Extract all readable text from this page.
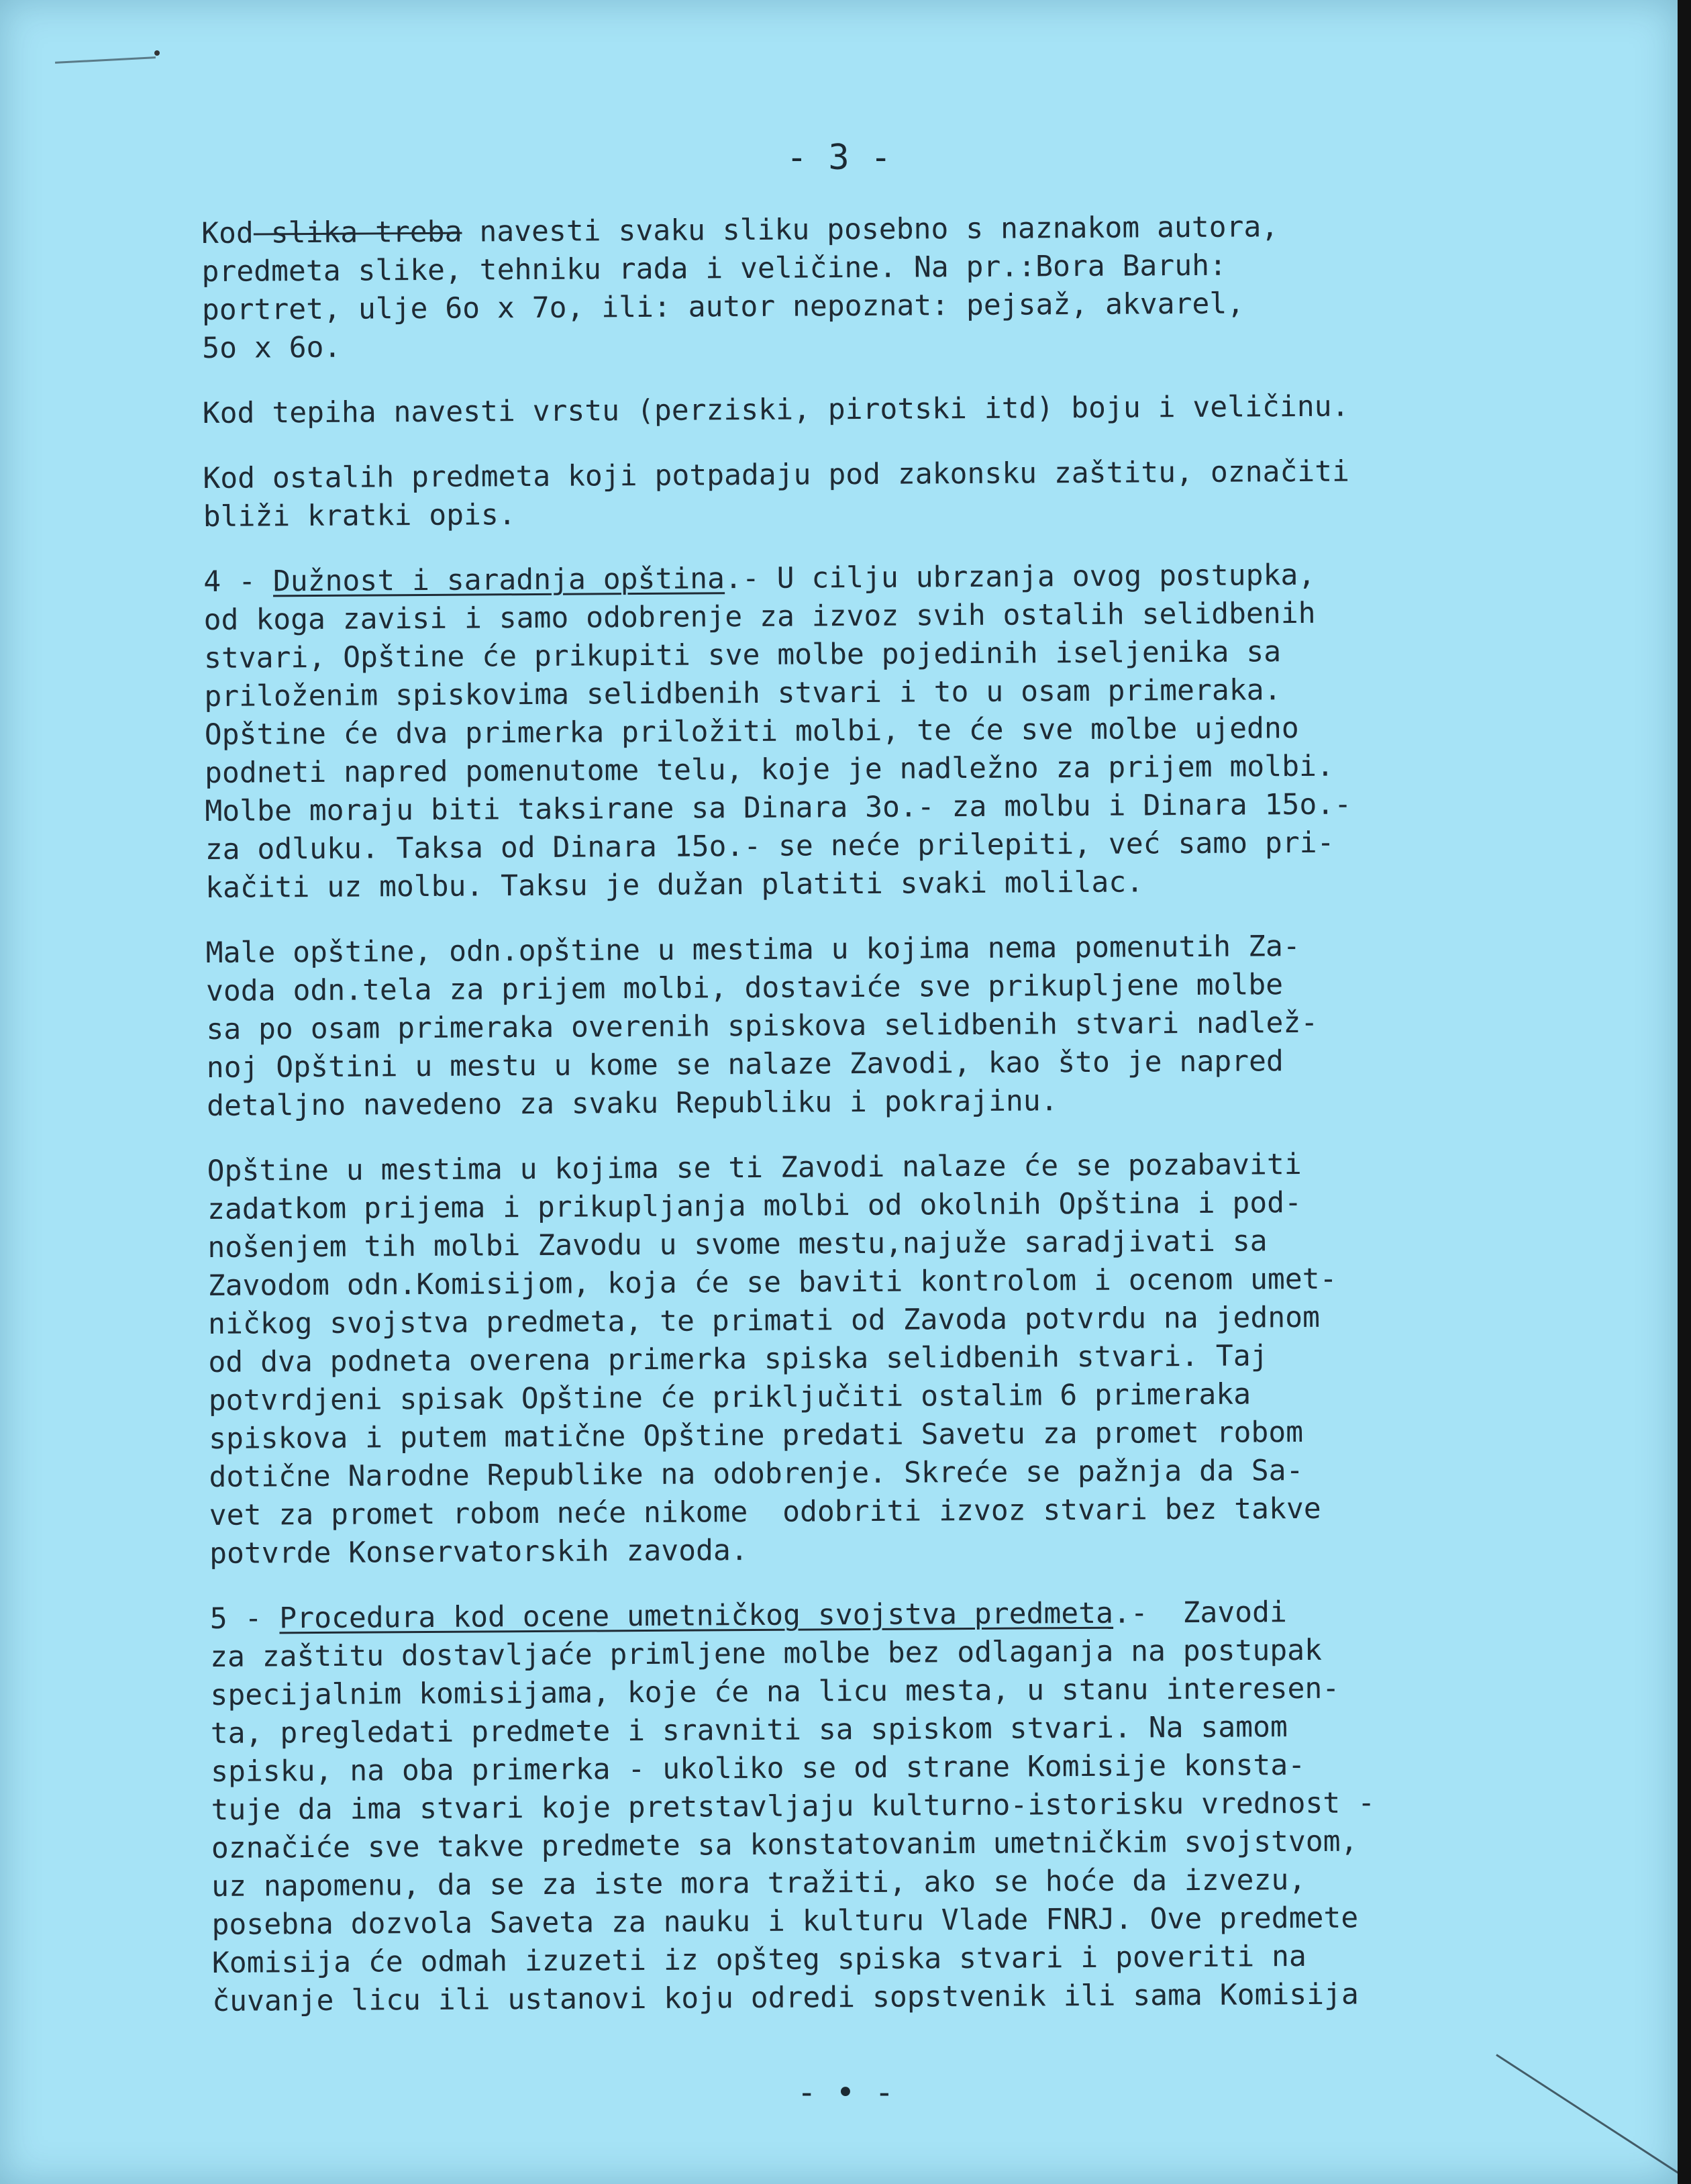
- 3 -
Kod slika treba navesti svaku sliku posebno s naznakom autora,
predmeta slike, tehniku rada i veličine. Na pr.:Bora Baruh:
portret, ulje 6o x 7o, ili: autor nepoznat: pejsaž, akvarel,
5o x 6o.
Kod tepiha navesti vrstu (perziski, pirotski itd) boju i veličinu.
Kod ostalih predmeta koji potpadaju pod zakonsku zaštitu, označiti
bliži kratki opis.
4 - Dužnost i saradnja opština.- U cilju ubrzanja ovog postupka,
od koga zavisi i samo odobrenje za izvoz svih ostalih selidbenih
stvari, Opštine će prikupiti sve molbe pojedinih iseljenika sa
priloženim spiskovima selidbenih stvari i to u osam primeraka.
Opštine će dva primerka priložiti molbi, te će sve molbe ujedno
podneti napred pomenutome telu, koje je nadležno za prijem molbi.
Molbe moraju biti taksirane sa Dinara 3o.- za molbu i Dinara 15o.-
za odluku. Taksa od Dinara 15o.- se neće prilepiti, već samo pri-
kačiti uz molbu. Taksu je dužan platiti svaki molilac.
Male opštine, odn.opštine u mestima u kojima nema pomenutih Za-
voda odn.tela za prijem molbi, dostaviće sve prikupljene molbe
sa po osam primeraka overenih spiskova selidbenih stvari nadlež-
noj Opštini u mestu u kome se nalaze Zavodi, kao što je napred
detaljno navedeno za svaku Republiku i pokrajinu.
Opštine u mestima u kojima se ti Zavodi nalaze će se pozabaviti
zadatkom prijema i prikupljanja molbi od okolnih Opština i pod-
nošenjem tih molbi Zavodu u svome mestu,najuže saradjivati sa
Zavodom odn.Komisijom, koja će se baviti kontrolom i ocenom umet-
ničkog svojstva predmeta, te primati od Zavoda potvrdu na jednom
od dva podneta overena primerka spiska selidbenih stvari. Taj
potvrdjeni spisak Opštine će priključiti ostalim 6 primeraka
spiskova i putem matične Opštine predati Savetu za promet robom
dotične Narodne Republike na odobrenje. Skreće se pažnja da Sa-
vet za promet robom neće nikome  odobriti izvoz stvari bez takve
potvrde Konservatorskih zavoda.
5 - Procedura kod ocene umetničkog svojstva predmeta.-  Zavodi
za zaštitu dostavljaće primljene molbe bez odlaganja na postupak
specijalnim komisijama, koje će na licu mesta, u stanu interesen-
ta, pregledati predmete i sravniti sa spiskom stvari. Na samom
spisku, na oba primerka - ukoliko se od strane Komisije konsta-
tuje da ima stvari koje pretstavljaju kulturno-istorisku vrednost -
označiće sve takve predmete sa konstatovanim umetničkim svojstvom,
uz napomenu, da se za iste mora tražiti, ako se hoće da izvezu,
posebna dozvola Saveta za nauku i kulturu Vlade FNRJ. Ove predmete
Komisija će odmah izuzeti iz opšteg spiska stvari i poveriti na
čuvanje licu ili ustanovi koju odredi sopstvenik ili sama Komisija
- • -
